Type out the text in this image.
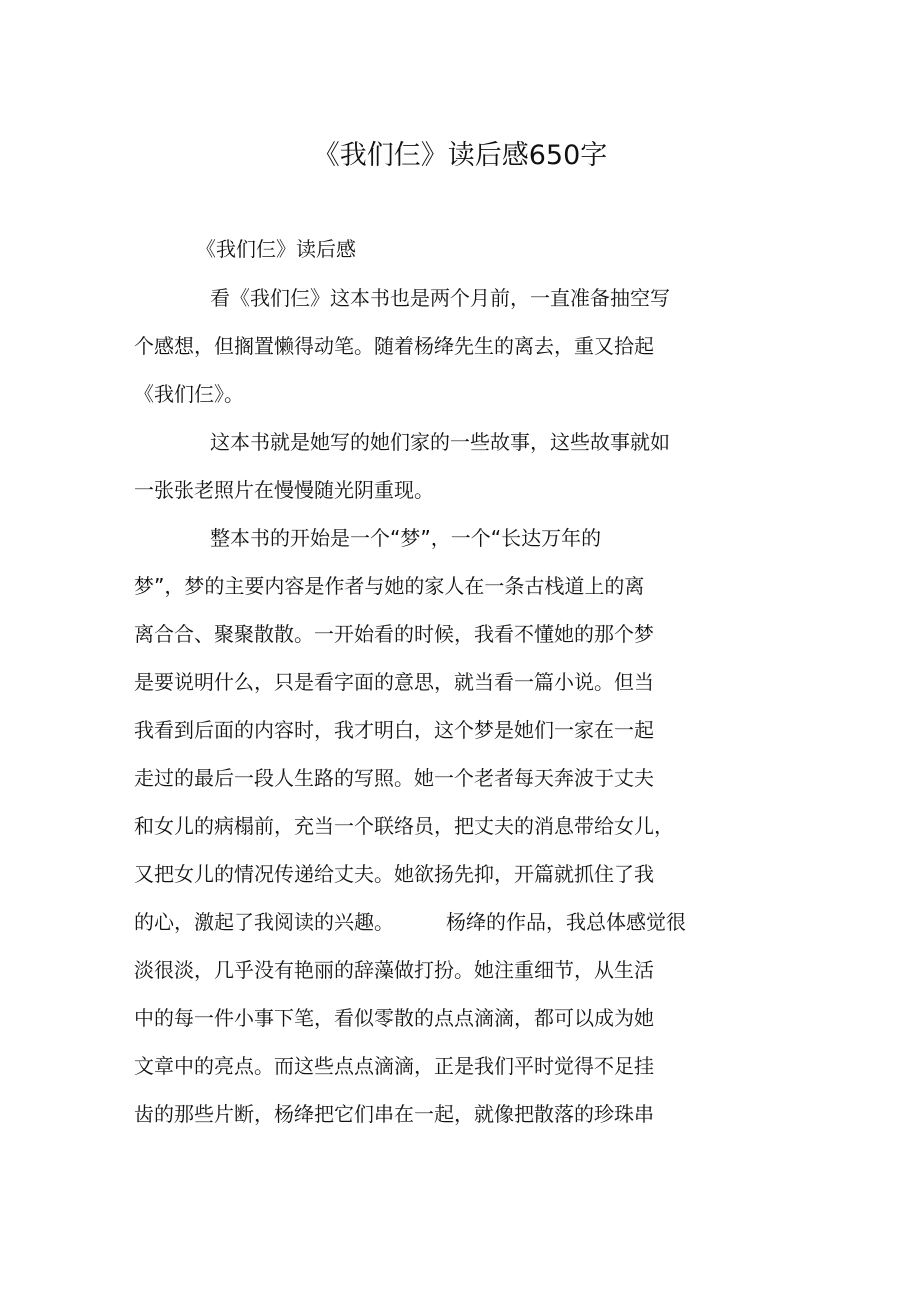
《我们仨》读后感650字
《我们仨》读后感
看《我们仨》这本书也是两个月前，一直准备抽空写
个感想，但搁置懒得动笔。随着杨绛先生的离去，重又拾起
《我们仨》。
这本书就是她写的她们家的一些故事，这些故事就如
一张张老照片在慢慢随光阴重现。
整本书的开始是一个“梦”，一个“长达万年的
梦”，梦的主要内容是作者与她的家人在一条古栈道上的离
离合合、聚聚散散。一开始看的时候，我看不懂她的那个梦
是要说明什么，只是看字面的意思，就当看一篇小说。但当
我看到后面的内容时，我才明白，这个梦是她们一家在一起
走过的最后一段人生路的写照。她一个老者每天奔波于丈夫
和女儿的病榻前，充当一个联络员，把丈夫的消息带给女儿，
又把女儿的情况传递给丈夫。她欲扬先抑，开篇就抓住了我
的心，激起了我阅读的兴趣。	杨绛的作品，我总体感觉很
淡很淡，几乎没有艳丽的辞藻做打扮。她注重细节，从生活
中的每一件小事下笔，看似零散的点点滴滴，都可以成为她
文章中的亮点。而这些点点滴滴，正是我们平时觉得不足挂
齿的那些片断，杨绛把它们串在一起，就像把散落的珍珠串
